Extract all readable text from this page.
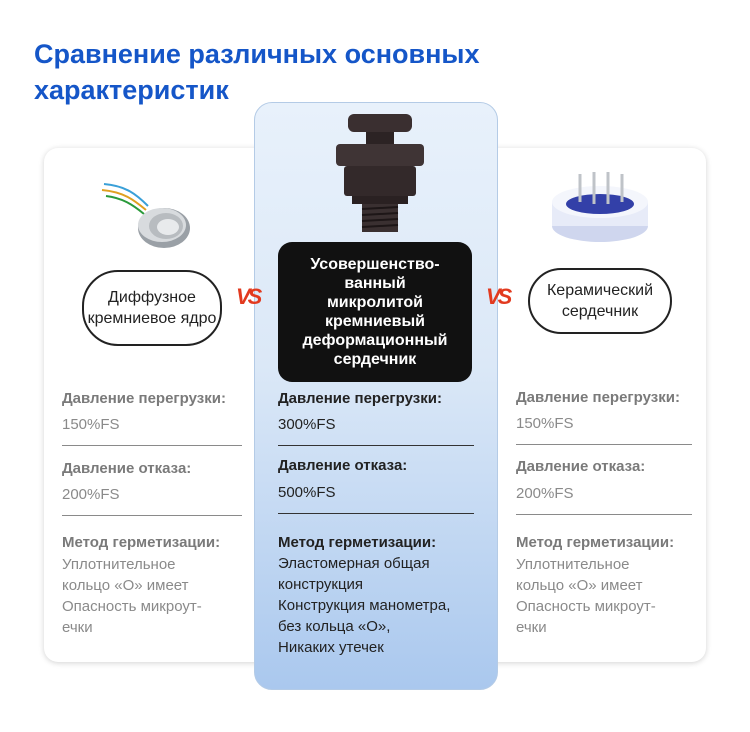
Сравнение различных основных характеристик
Диффузное кремниевое ядро
Усовершенство-
ванный
микролитой
кремниевый
деформационный
сердечник
Керамический сердечник
VS	VS
Давление перегрузки:
150%FS
Давление отказа:
200%FS
Метод герметизации:
Уплотнительное
кольцо «О» имеет
Опасность микроут-
ечки
Давление перегрузки:
300%FS
Давление отказа:
500%FS
Метод герметизации:
Эластомерная общая
конструкция
Конструкция манометра,
без кольца «О»,
Никаких утечек
Давление перегрузки:
150%FS
Давление отказа:
200%FS
Метод герметизации:
Уплотнительное
кольцо «О» имеет
Опасность микроут-
ечки
